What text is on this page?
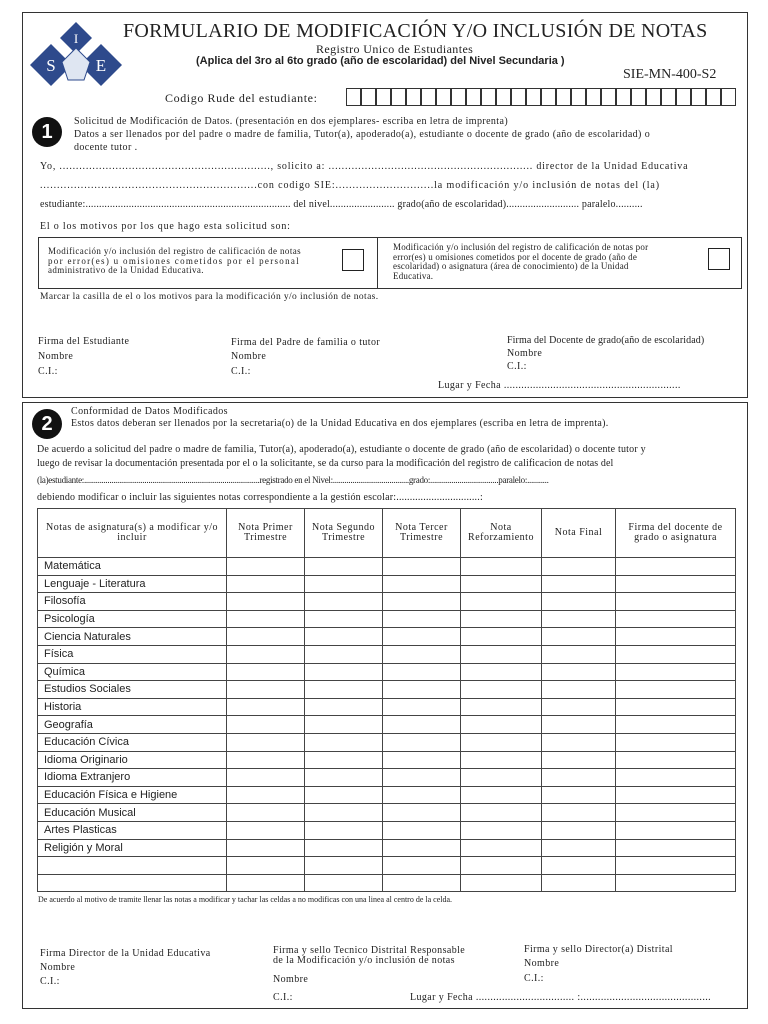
I
S E
FORMULARIO DE MODIFICACIÓN Y/O INCLUSIÓN DE NOTAS
Registro Unico de Estudiantes
(Aplica del 3ro al 6to grado (año de escolaridad) del Nivel Secundaria )
SIE-MN-400-S2
Codigo Rude del estudiante:
1	Solicitud de Modificación de Datos. (presentación en dos ejemplares- escriba en letra de imprenta)
Datos a ser llenados por del padre o madre de familia, Tutor(a), apoderado(a), estudiante o docente de grado (año de escolaridad) o
docente tutor .
Yo, ................................................................, solicito a: .............................................................. director de la Unidad Educativa
................................................................con codigo SIE:.............................la modificación y/o inclusión de notas del (la)
estudiante:............................................................................ del nivel........................ grado(año de escolaridad)........................... paralelo..........
El o los motivos por los que hago esta solicitud son:
Modificación y/o inclusión del registro de calificación de notas
por error(es) u omisiones cometidos por el personal
administrativo de la Unidad Educativa.
Modificación y/o inclusión del registro de calificación de notas por
error(es) u omisiones cometidos por el docente de grado (año de
escolaridad) o asignatura (área de conocimiento) de la Unidad
Educativa.
Marcar la casilla de el o los motivos para la modificación y/o inclusión de notas.
Firma del Estudiante
Nombre
C.I.:
Firma del Padre de familia o tutor
Nombre
C.I.:
Firma del Docente de grado(año de escolaridad)
Nombre
C.I.:
Lugar y Fecha .............................................................
2
Conformidad de Datos Modificados
Estos datos deberan ser llenados por la secretaria(o) de la Unidad Educativa en dos ejemplares (escriba en letra de imprenta).
De acuerdo a solicitud del padre o madre de familia, Tutor(a), apoderado(a), estudiante o docente de grado (año de escolaridad) o docente tutor y
luego de revisar la documentación presentada por el o la solicitante, se da curso para la modificación del registro de calificacion de notas del
(la)estudiante:..........................................................................................registrado en el Nivel:.......................................grado:...................................paralelo:...........
debiendo modificar o incluir las siguientes notas correspondiente a la gestión escolar:...............................:
Notas de asignatura(s) a modificar y/o incluir	Nota Primer Trimestre	Nota Segundo Trimestre	Nota Tercer Trimestre	Nota Reforzamiento	Nota Final	Firma del docente de grado o asignatura
Matemática						
Lenguaje - Literatura						
Filosofía						
Psicología						
Ciencia Naturales						
Física						
Química						
Estudios Sociales						
Historia						
Geografía						
Educación Cívica						
Idioma Originario						
Idioma Extranjero						
Educación Física e Higiene						
Educación Musical						
Artes Plasticas						
Religión y Moral						

De acuerdo al motivo de tramite llenar las notas a modificar y tachar las celdas a no modificas con una linea al centro de la celda.
Firma Director de la Unidad Educativa
Nombre
C.I.:
Firma y sello Tecnico Distrital Responsable
de la Modificación y/o inclusión de notas
Nombre
C.I.:
Firma y sello Director(a) Distrital
Nombre
C.I.:
Lugar y Fecha .................................. :.............................................
